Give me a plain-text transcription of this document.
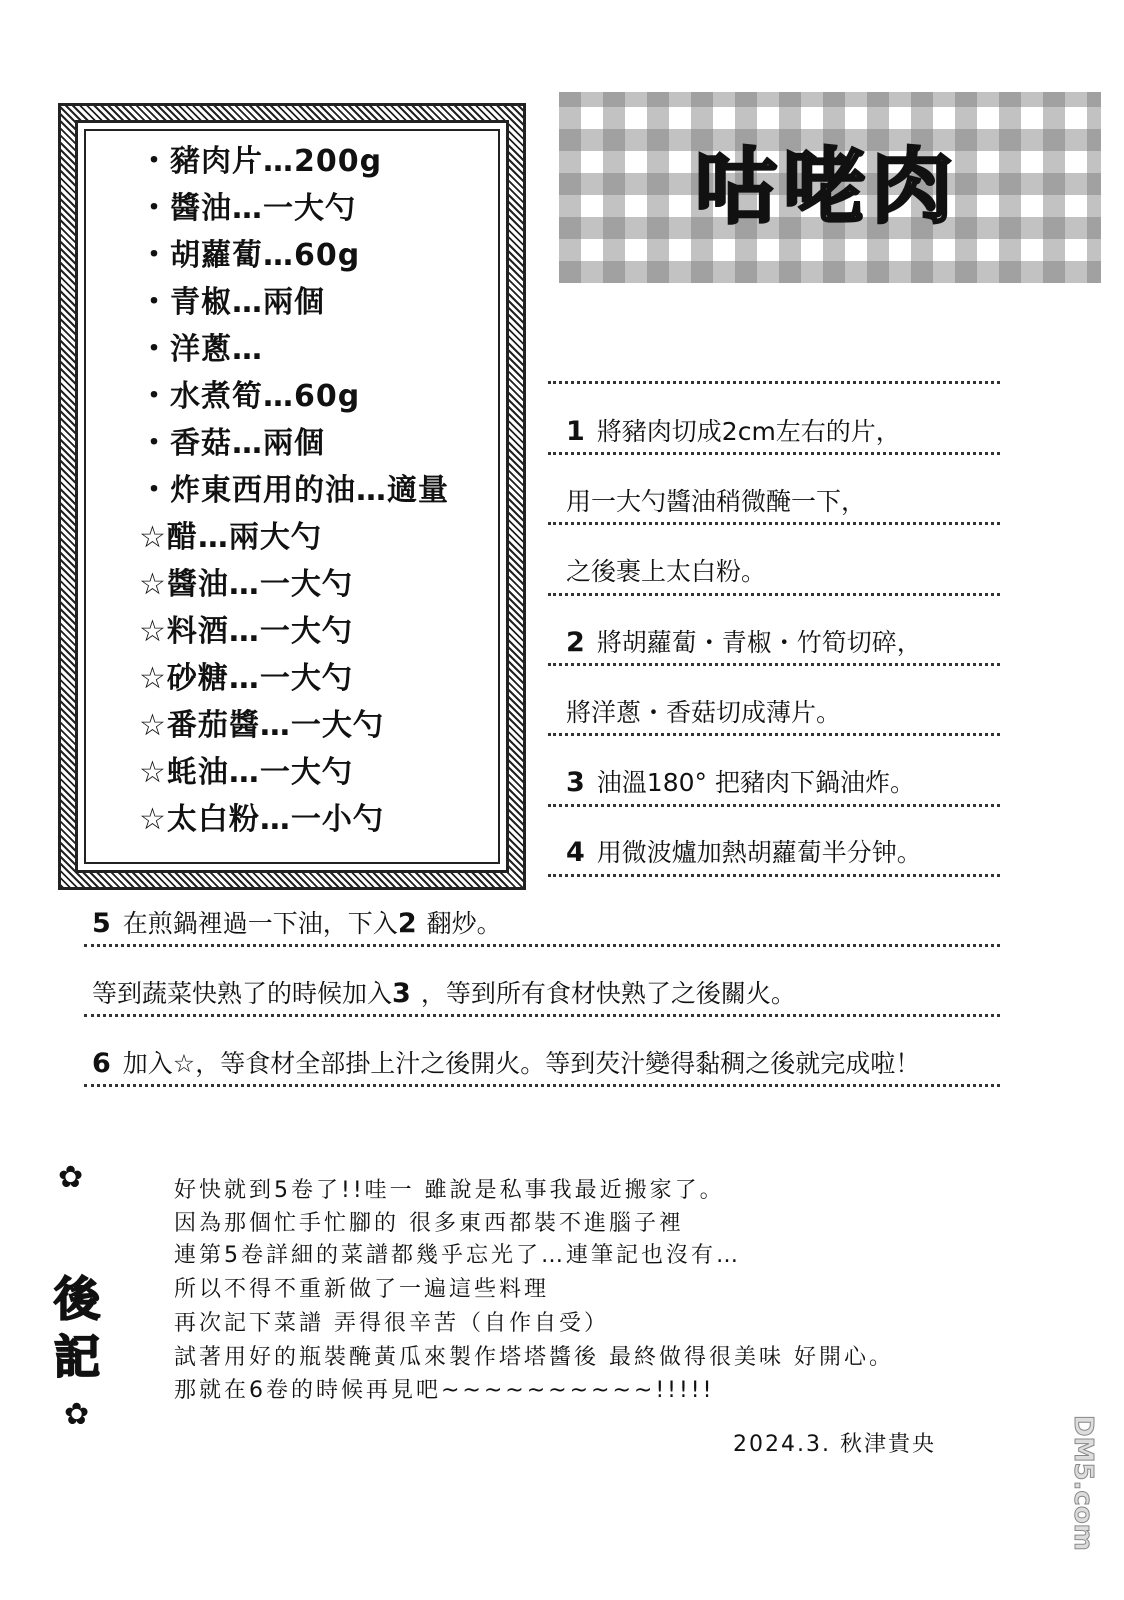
・豬肉片…200g
・醬油…一大勺
・胡蘿蔔…60g
・青椒…兩個
・洋蔥…
・水煮筍…60g
・香菇…兩個
・炸東西用的油…適量
☆醋…兩大勺
☆醬油…一大勺
☆料酒…一大勺
☆砂糖…一大勺
☆番茄醬…一大勺
☆蚝油…一大勺
☆太白粉…一小勺
咕咾肉
1 將豬肉切成2cm左右的片，
用一大勺醬油稍微醃一下，
之後裹上太白粉。
2 將胡蘿蔔・青椒・竹筍切碎，
將洋蔥・香菇切成薄片。
3 油溫180° 把豬肉下鍋油炸。
4 用微波爐加熱胡蘿蔔半分钟。
5 在煎鍋裡過一下油，下入2 翻炒。
等到蔬菜快熟了的時候加入3 ，等到所有食材快熟了之後關火。
6 加入☆，等食材全部掛上汁之後開火。等到芡汁變得黏稠之後就完成啦！
✿
✿
後
記
好快就到5卷了!!哇一 雖說是私事我最近搬家了。
因為那個忙手忙腳的 很多東西都裝不進腦子裡
連第5卷詳細的菜譜都幾乎忘光了…連筆記也沒有…
所以不得不重新做了一遍這些料理
再次記下菜譜 弄得很辛苦（自作自受）
試著用好的瓶裝醃黃瓜來製作塔塔醬後 最終做得很美味 好開心。
那就在6卷的時候再見吧~~~~~~~~~~!!!!!
2024.3. 秋津貴央	DM5.com
